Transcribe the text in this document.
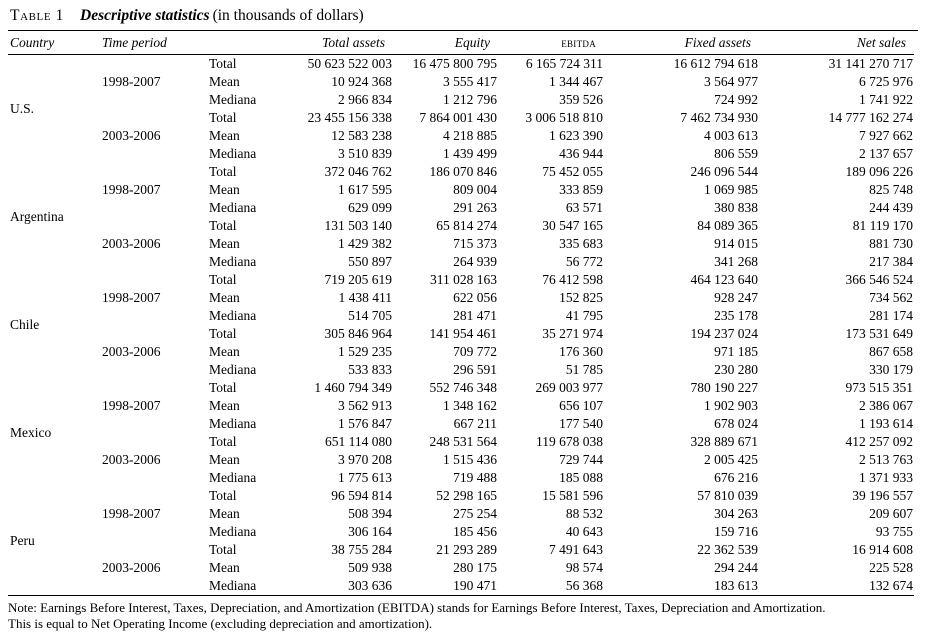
Table 1 Descriptive statistics (in thousands of dollars)
Country	Time period		Total assets	Equity	ebitda	Fixed assets	Net sales
U.S.	1998-2007	Total	50 623 522 003	16 475 800 795	6 165 724 311	16 612 794 618	31 141 270 717
		Mean	10 924 368	3 555 417	1 344 467	3 564 977	6 725 976
		Mediana	2 966 834	1 212 796	359 526	724 992	1 741 922
	2003-2006	Total	23 455 156 338	7 864 001 430	3 006 518 810	7 462 734 930	14 777 162 274
		Mean	12 583 238	4 218 885	1 623 390	4 003 613	7 927 662
		Mediana	3 510 839	1 439 499	436 944	806 559	2 137 657
Argentina	1998-2007	Total	372 046 762	186 070 846	75 452 055	246 096 544	189 096 226
		Mean	1 617 595	809 004	333 859	1 069 985	825 748
		Mediana	629 099	291 263	63 571	380 838	244 439
	2003-2006	Total	131 503 140	65 814 274	30 547 165	84 089 365	81 119 170
		Mean	1 429 382	715 373	335 683	914 015	881 730
		Mediana	550 897	264 939	56 772	341 268	217 384
Chile	1998-2007	Total	719 205 619	311 028 163	76 412 598	464 123 640	366 546 524
		Mean	1 438 411	622 056	152 825	928 247	734 562
		Mediana	514 705	281 471	41 795	235 178	281 174
	2003-2006	Total	305 846 964	141 954 461	35 271 974	194 237 024	173 531 649
		Mean	1 529 235	709 772	176 360	971 185	867 658
		Mediana	533 833	296 591	51 785	230 280	330 179
Mexico	1998-2007	Total	1 460 794 349	552 746 348	269 003 977	780 190 227	973 515 351
		Mean	3 562 913	1 348 162	656 107	1 902 903	2 386 067
		Mediana	1 576 847	667 211	177 540	678 024	1 193 614
	2003-2006	Total	651 114 080	248 531 564	119 678 038	328 889 671	412 257 092
		Mean	3 970 208	1 515 436	729 744	2 005 425	2 513 763
		Mediana	1 775 613	719 488	185 088	676 216	1 371 933
Peru	1998-2007	Total	96 594 814	52 298 165	15 581 596	57 810 039	39 196 557
		Mean	508 394	275 254	88 532	304 263	209 607
		Mediana	306 164	185 456	40 643	159 716	93 755
	2003-2006	Total	38 755 284	21 293 289	7 491 643	22 362 539	16 914 608
		Mean	509 938	280 175	98 574	294 244	225 528
		Mediana	303 636	190 471	56 368	183 613	132 674
Note: Earnings Before Interest, Taxes, Depreciation, and Amortization (EBITDA) stands for Earnings Before Interest, Taxes, Depreciation and Amortization.
This is equal to Net Operating Income (excluding depreciation and amortization).
